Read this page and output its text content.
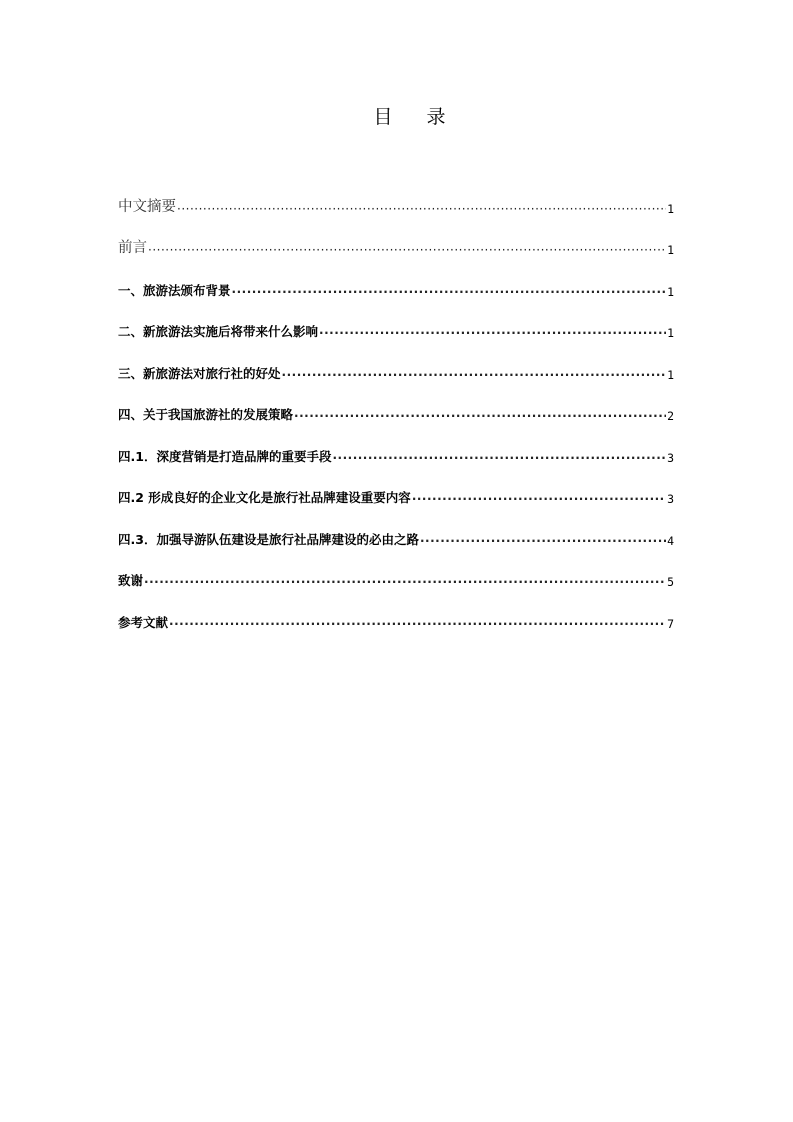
目 录
中文摘要 ·····	1
前言 ·····	1
一、旅游法颁布背景 ·····	1
二、新旅游法实施后将带来什么影响 ·····	1
三、新旅游法对旅行社的好处 ·····	1
四、关于我国旅游社的发展策略 ·····	2
四.1．深度营销是打造品牌的重要手段 ·····	3
四.2 形成良好的企业文化是旅行社品牌建设重要内容 ·····	3
四.3．加强导游队伍建设是旅行社品牌建设的必由之路 ·····	4
致谢 ·····	5
参考文献 ·····	7
